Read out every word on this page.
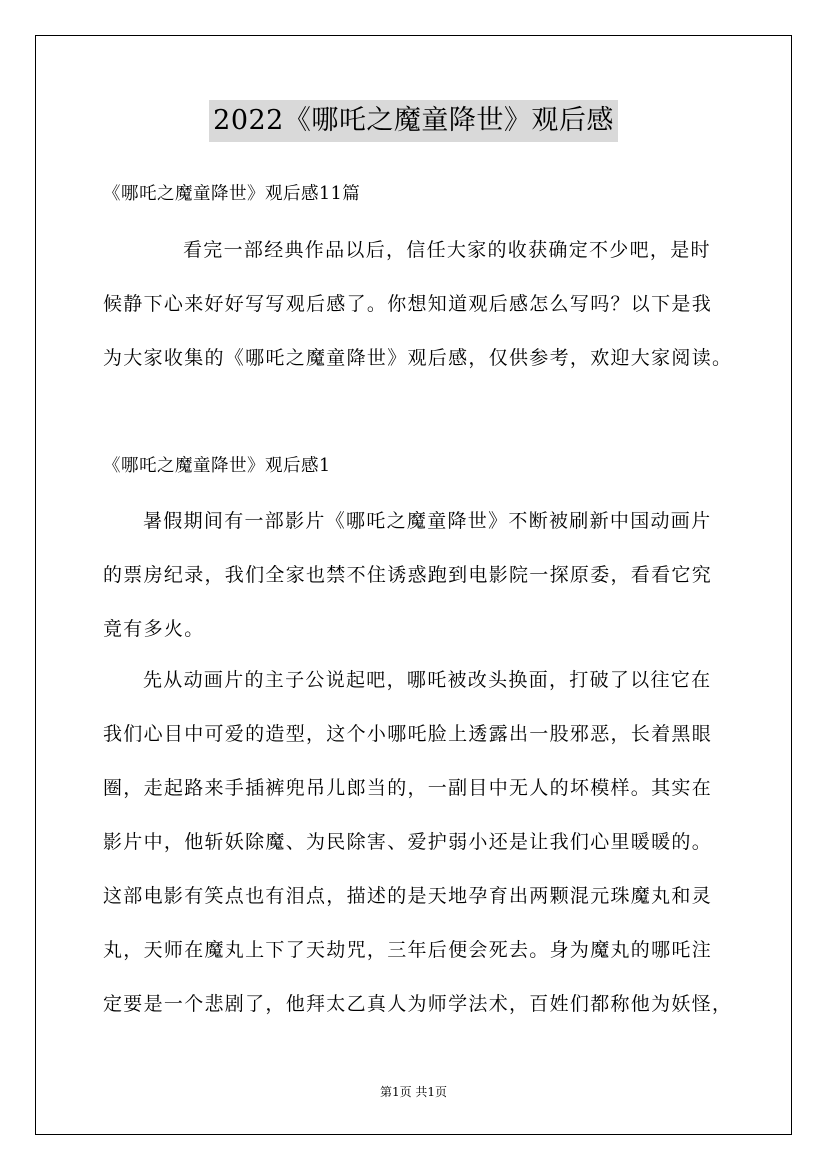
2022《哪吒之魔童降世》观后感
《哪吒之魔童降世》观后感11篇
看完一部经典作品以后，信任大家的收获确定不少吧，是时
候静下心来好好写写观后感了。你想知道观后感怎么写吗？以下是我
为大家收集的《哪吒之魔童降世》观后感，仅供参考，欢迎大家阅读。
《哪吒之魔童降世》观后感1
暑假期间有一部影片《哪吒之魔童降世》不断被刷新中国动画片
的票房纪录，我们全家也禁不住诱惑跑到电影院一探原委，看看它究
竟有多火。
先从动画片的主子公说起吧，哪吒被改头换面，打破了以往它在
我们心目中可爱的造型，这个小哪吒脸上透露出一股邪恶，长着黑眼
圈，走起路来手插裤兜吊儿郎当的，一副目中无人的坏模样。其实在
影片中，他斩妖除魔、为民除害、爱护弱小还是让我们心里暖暖的。
这部电影有笑点也有泪点，描述的是天地孕育出两颗混元珠魔丸和灵
丸，天师在魔丸上下了天劫咒，三年后便会死去。身为魔丸的哪吒注
定要是一个悲剧了，他拜太乙真人为师学法术，百姓们都称他为妖怪，
第1页 共1页
